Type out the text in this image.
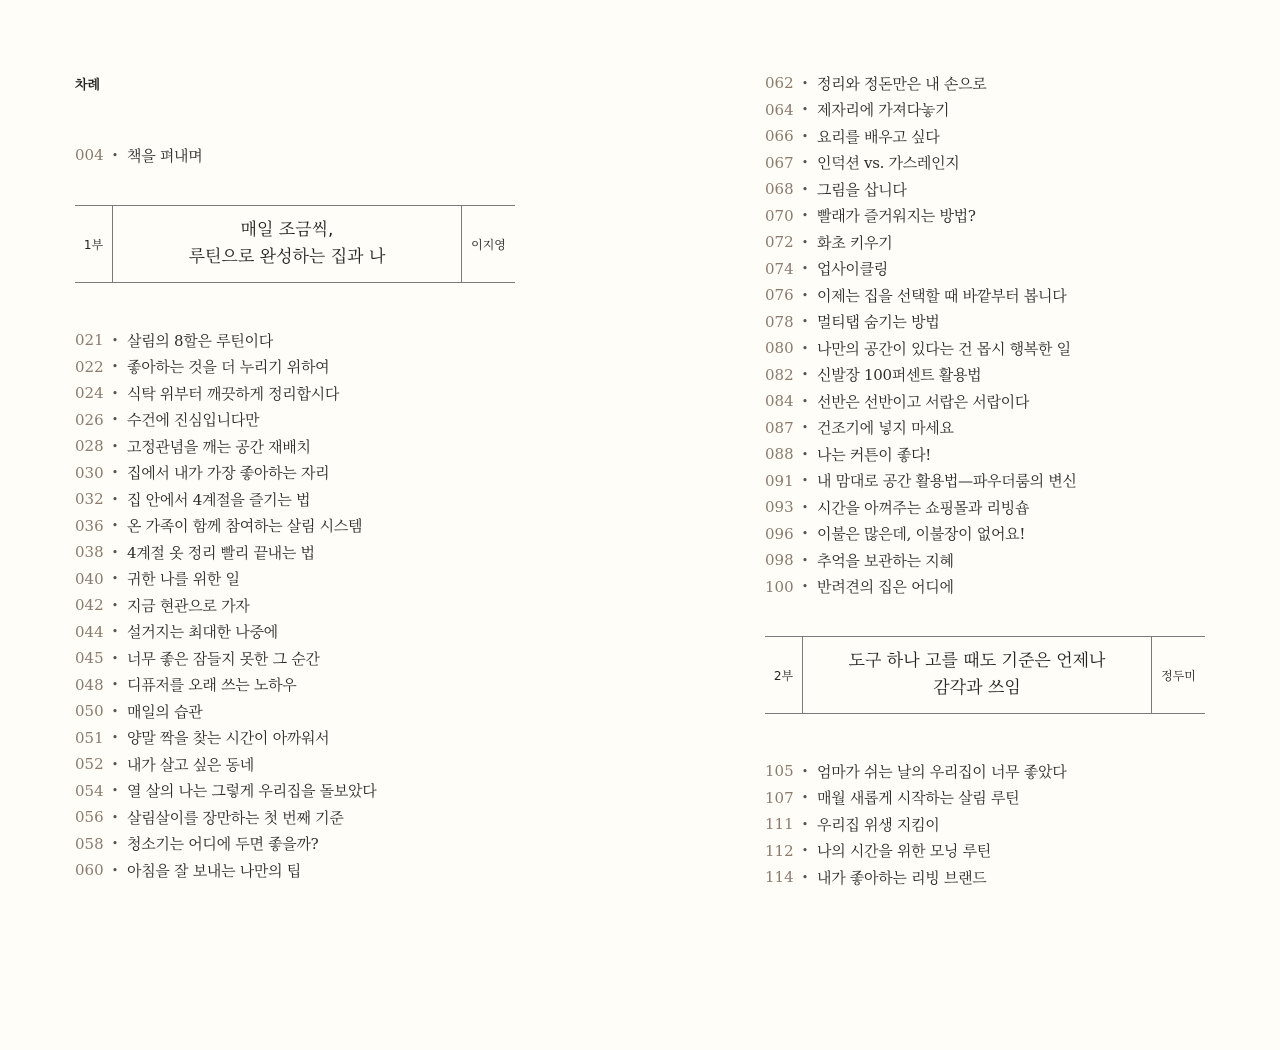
차례
004 • 책을 펴내며
1부
매일 조금씩,
루틴으로 완성하는 집과 나
이지영
021 • 살림의 8할은 루틴이다
022 • 좋아하는 것을 더 누리기 위하여
024 • 식탁 위부터 깨끗하게 정리합시다
026 • 수건에 진심입니다만
028 • 고정관념을 깨는 공간 재배치
030 • 집에서 내가 가장 좋아하는 자리
032 • 집 안에서 4계절을 즐기는 법
036 • 온 가족이 함께 참여하는 살림 시스템
038 • 4계절 옷 정리 빨리 끝내는 법
040 • 귀한 나를 위한 일
042 • 지금 현관으로 가자
044 • 설거지는 최대한 나중에
045 • 너무 좋은 잠들지 못한 그 순간
048 • 디퓨저를 오래 쓰는 노하우
050 • 매일의 습관
051 • 양말 짝을 찾는 시간이 아까워서
052 • 내가 살고 싶은 동네
054 • 열 살의 나는 그렇게 우리집을 돌보았다
056 • 살림살이를 장만하는 첫 번째 기준
058 • 청소기는 어디에 두면 좋을까?
060 • 아침을 잘 보내는 나만의 팁
062 • 정리와 정돈만은 내 손으로
064 • 제자리에 가져다놓기
066 • 요리를 배우고 싶다
067 • 인덕션 vs. 가스레인지
068 • 그림을 삽니다
070 • 빨래가 즐거워지는 방법?
072 • 화초 키우기
074 • 업사이클링
076 • 이제는 집을 선택할 때 바깥부터 봅니다
078 • 멀티탭 숨기는 방법
080 • 나만의 공간이 있다는 건 몹시 행복한 일
082 • 신발장 100퍼센트 활용법
084 • 선반은 선반이고 서랍은 서랍이다
087 • 건조기에 넣지 마세요
088 • 나는 커튼이 좋다!
091 • 내 맘대로 공간 활용법—파우더룸의 변신
093 • 시간을 아껴주는 쇼핑몰과 리빙숍
096 • 이불은 많은데, 이불장이 없어요!
098 • 추억을 보관하는 지혜
100 • 반려견의 집은 어디에
2부
도구 하나 고를 때도 기준은 언제나
감각과 쓰임
정두미
105 • 엄마가 쉬는 날의 우리집이 너무 좋았다
107 • 매월 새롭게 시작하는 살림 루틴
111 • 우리집 위생 지킴이
112 • 나의 시간을 위한 모닝 루틴
114 • 내가 좋아하는 리빙 브랜드
